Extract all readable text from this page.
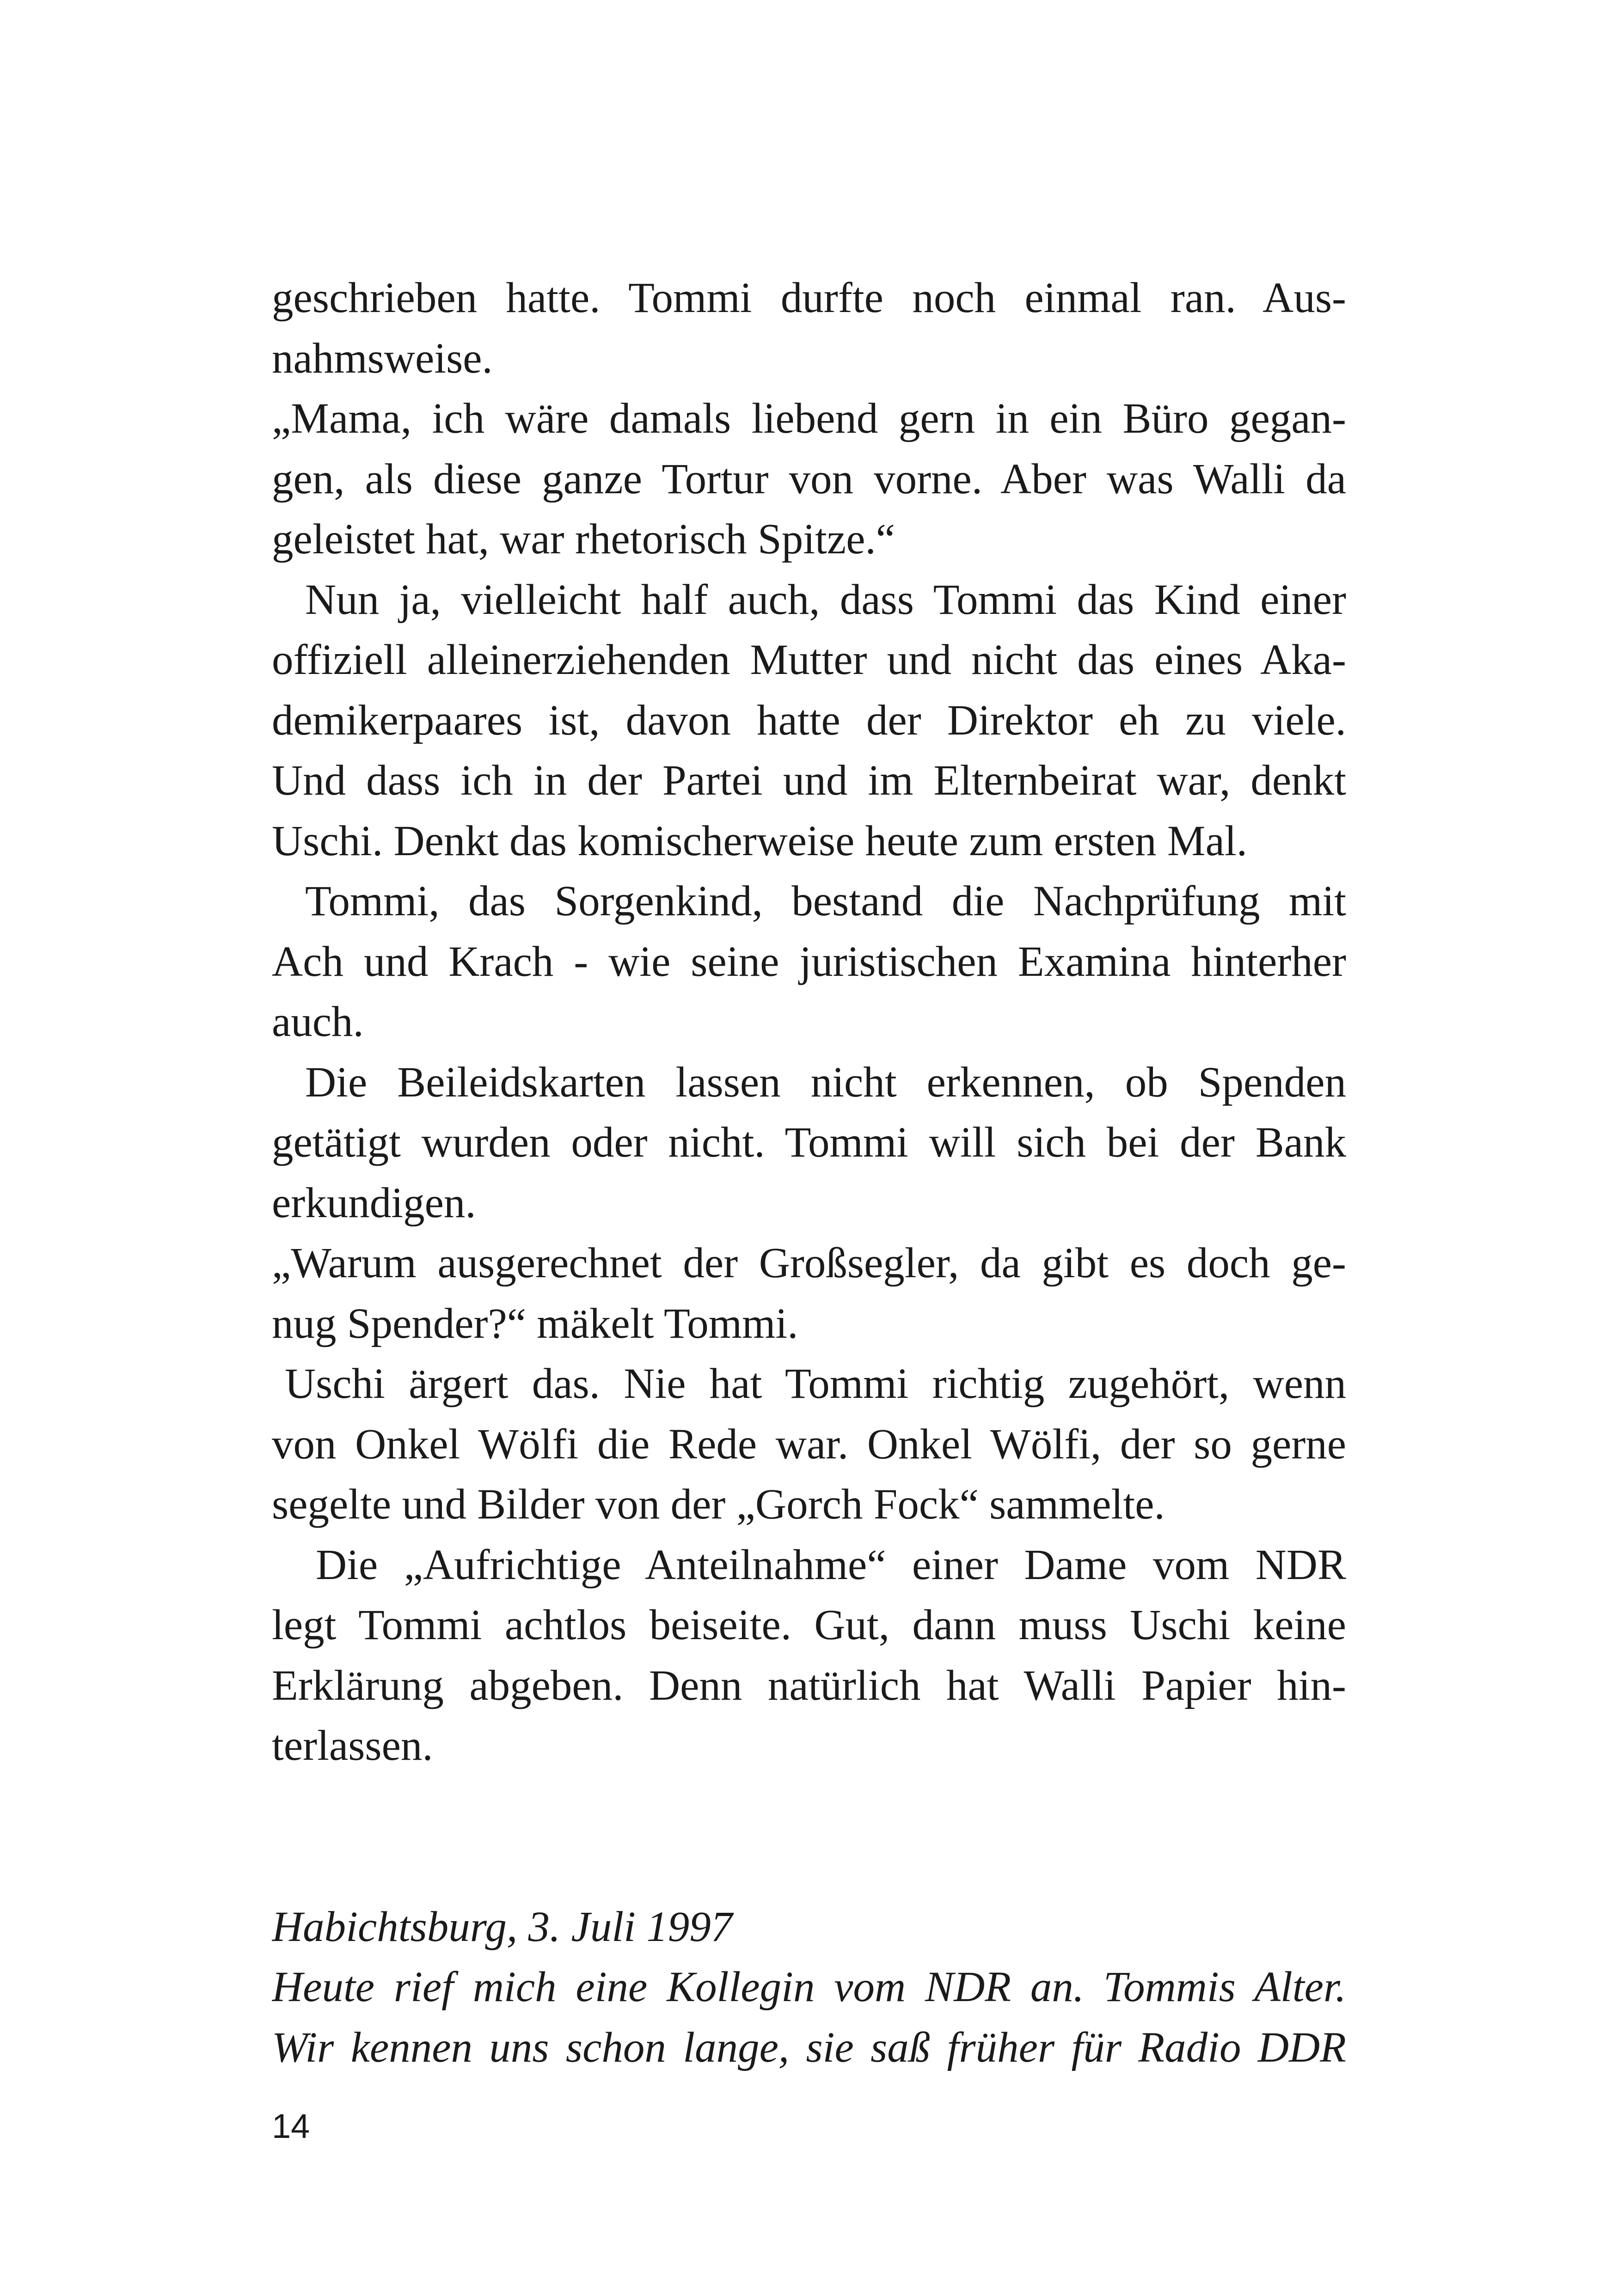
geschrieben hatte. Tommi durfte noch einmal ran. Aus-
nahmsweise.
„Mama, ich wäre damals liebend gern in ein Büro gegan-
gen, als diese ganze Tortur von vorne. Aber was Walli da
geleistet hat, war rhetorisch Spitze.“
Nun ja, vielleicht half auch, dass Tommi das Kind einer
offiziell alleinerziehenden Mutter und nicht das eines Aka-
demikerpaares ist, davon hatte der Direktor eh zu viele.
Und dass ich in der Partei und im Elternbeirat war, denkt
Uschi. Denkt das komischerweise heute zum ersten Mal.
Tommi, das Sorgenkind, bestand die Nachprüfung mit
Ach und Krach - wie seine juristischen Examina hinterher
auch.
Die Beileidskarten lassen nicht erkennen, ob Spenden
getätigt wurden oder nicht. Tommi will sich bei der Bank
erkundigen.
„Warum ausgerechnet der Großsegler, da gibt es doch ge-
nug Spender?“ mäkelt Tommi.
Uschi ärgert das. Nie hat Tommi richtig zugehört, wenn
von Onkel Wölfi die Rede war. Onkel Wölfi, der so gerne
segelte und Bilder von der „Gorch Fock“ sammelte.
Die „Aufrichtige Anteilnahme“ einer Dame vom NDR
legt Tommi achtlos beiseite. Gut, dann muss Uschi keine
Erklärung abgeben. Denn natürlich hat Walli Papier hin-
terlassen.
Habichtsburg, 3. Juli 1997
Heute rief mich eine Kollegin vom NDR an. Tommis Alter.
Wir kennen uns schon lange, sie saß früher für Radio DDR
14
